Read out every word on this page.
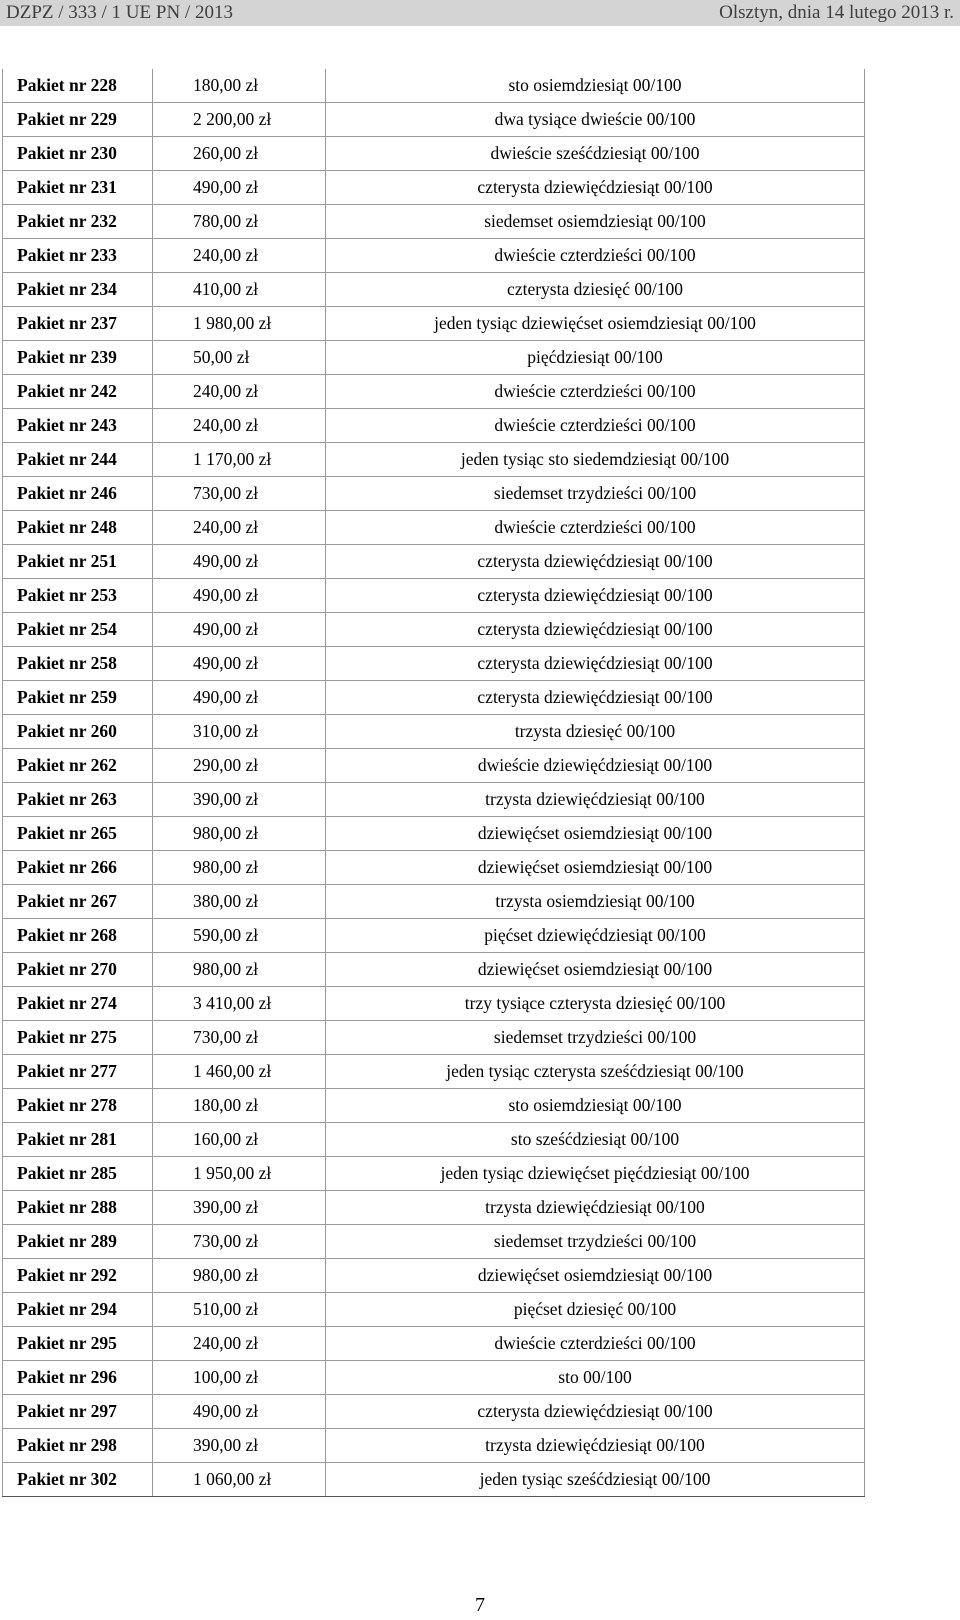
DZPZ / 333 / 1 UE PN / 2013	Olsztyn, dnia 14 lutego 2013 r.
Pakiet nr 228	180,00 zł	sto osiemdziesiąt 00/100
Pakiet nr 229	2 200,00 zł	dwa tysiące dwieście 00/100
Pakiet nr 230	260,00 zł	dwieście sześćdziesiąt 00/100
Pakiet nr 231	490,00 zł	czterysta dziewięćdziesiąt 00/100
Pakiet nr 232	780,00 zł	siedemset osiemdziesiąt 00/100
Pakiet nr 233	240,00 zł	dwieście czterdzieści 00/100
Pakiet nr 234	410,00 zł	czterysta dziesięć 00/100
Pakiet nr 237	1 980,00 zł	jeden tysiąc dziewięćset osiemdziesiąt 00/100
Pakiet nr 239	50,00 zł	pięćdziesiąt 00/100
Pakiet nr 242	240,00 zł	dwieście czterdzieści 00/100
Pakiet nr 243	240,00 zł	dwieście czterdzieści 00/100
Pakiet nr 244	1 170,00 zł	jeden tysiąc sto siedemdziesiąt 00/100
Pakiet nr 246	730,00 zł	siedemset trzydzieści 00/100
Pakiet nr 248	240,00 zł	dwieście czterdzieści 00/100
Pakiet nr 251	490,00 zł	czterysta dziewięćdziesiąt 00/100
Pakiet nr 253	490,00 zł	czterysta dziewięćdziesiąt 00/100
Pakiet nr 254	490,00 zł	czterysta dziewięćdziesiąt 00/100
Pakiet nr 258	490,00 zł	czterysta dziewięćdziesiąt 00/100
Pakiet nr 259	490,00 zł	czterysta dziewięćdziesiąt 00/100
Pakiet nr 260	310,00 zł	trzysta dziesięć 00/100
Pakiet nr 262	290,00 zł	dwieście dziewięćdziesiąt 00/100
Pakiet nr 263	390,00 zł	trzysta dziewięćdziesiąt 00/100
Pakiet nr 265	980,00 zł	dziewięćset osiemdziesiąt 00/100
Pakiet nr 266	980,00 zł	dziewięćset osiemdziesiąt 00/100
Pakiet nr 267	380,00 zł	trzysta osiemdziesiąt 00/100
Pakiet nr 268	590,00 zł	pięćset dziewięćdziesiąt 00/100
Pakiet nr 270	980,00 zł	dziewięćset osiemdziesiąt 00/100
Pakiet nr 274	3 410,00 zł	trzy tysiące czterysta dziesięć 00/100
Pakiet nr 275	730,00 zł	siedemset trzydzieści 00/100
Pakiet nr 277	1 460,00 zł	jeden tysiąc czterysta sześćdziesiąt 00/100
Pakiet nr 278	180,00 zł	sto osiemdziesiąt 00/100
Pakiet nr 281	160,00 zł	sto sześćdziesiąt 00/100
Pakiet nr 285	1 950,00 zł	jeden tysiąc dziewięćset pięćdziesiąt 00/100
Pakiet nr 288	390,00 zł	trzysta dziewięćdziesiąt 00/100
Pakiet nr 289	730,00 zł	siedemset trzydzieści 00/100
Pakiet nr 292	980,00 zł	dziewięćset osiemdziesiąt 00/100
Pakiet nr 294	510,00 zł	pięćset dziesięć 00/100
Pakiet nr 295	240,00 zł	dwieście czterdzieści 00/100
Pakiet nr 296	100,00 zł	sto 00/100
Pakiet nr 297	490,00 zł	czterysta dziewięćdziesiąt 00/100
Pakiet nr 298	390,00 zł	trzysta dziewięćdziesiąt 00/100
Pakiet nr 302	1 060,00 zł	jeden tysiąc sześćdziesiąt 00/100
7
